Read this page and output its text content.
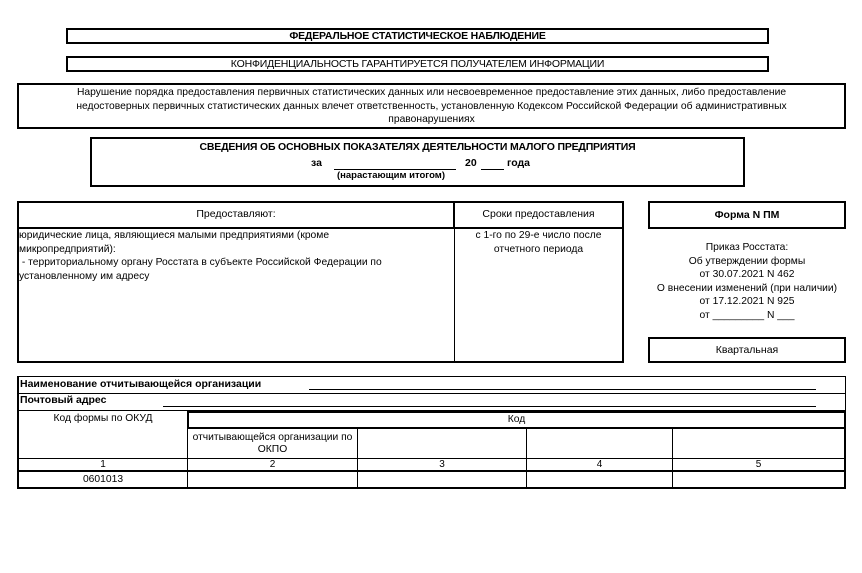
ФЕДЕРАЛЬНОЕ СТАТИСТИЧЕСКОЕ НАБЛЮДЕНИЕ
КОНФИДЕНЦИАЛЬНОСТЬ ГАРАНТИРУЕТСЯ ПОЛУЧАТЕЛЕМ ИНФОРМАЦИИ
Нарушение порядка предоставления первичных статистических данных или несвоевременное предоставление этих данных, либо предоставление
недостоверных первичных статистических данных влечет ответственность, установленную Кодексом Российской Федерации об административных
правонарушениях
СВЕДЕНИЯ ОБ ОСНОВНЫХ ПОКАЗАТЕЛЯХ ДЕЯТЕЛЬНОСТИ МАЛОГО ПРЕДПРИЯТИЯ
за	20	года
(нарастающим итогом)
Предоставляют:	Сроки предоставления
юридические лица, являющиеся малыми предприятиями (кроме
микропредприятий):
- территориальному органу Росстата в субъекте Российской Федерации по
установленному им адресу
с 1-го по 29-е число после
отчетного периода
Форма N ПМ
Приказ Росстата:
Об утверждении формы
от 30.07.2021 N 462
О внесении изменений (при наличии)
от 17.12.2021 N 925
от _________ N ___
Квартальная
Наименование отчитывающейся организации
Почтовый адрес
Код формы по ОКУД	Код
отчитывающейся организации по ОКПО
1	2	3	4	5
0601013
